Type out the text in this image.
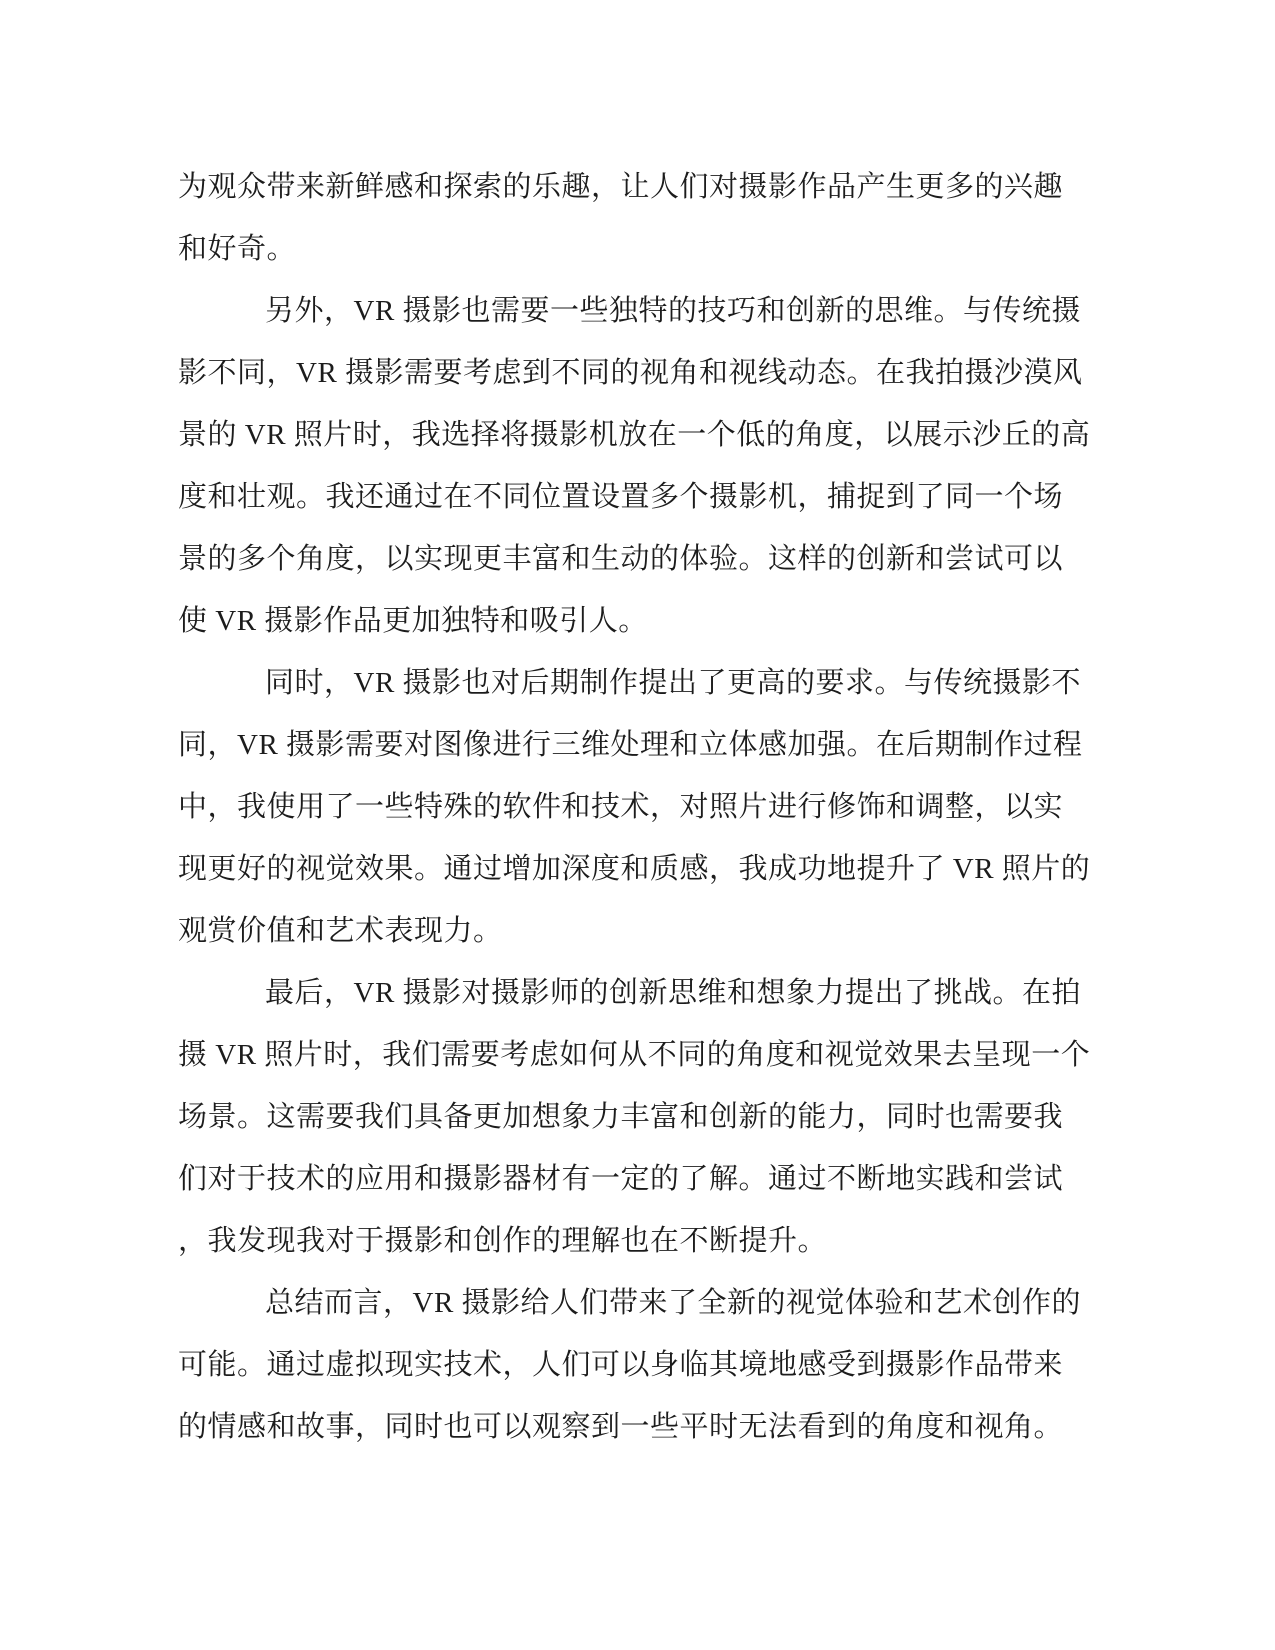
为观众带来新鲜感和探索的乐趣，让人们对摄影作品产生更多的兴趣
和好奇。
另外，VR 摄影也需要一些独特的技巧和创新的思维。与传统摄
影不同，VR 摄影需要考虑到不同的视角和视线动态。在我拍摄沙漠风
景的 VR 照片时，我选择将摄影机放在一个低的角度，以展示沙丘的高
度和壮观。我还通过在不同位置设置多个摄影机，捕捉到了同一个场
景的多个角度，以实现更丰富和生动的体验。这样的创新和尝试可以
使 VR 摄影作品更加独特和吸引人。
同时，VR 摄影也对后期制作提出了更高的要求。与传统摄影不
同，VR 摄影需要对图像进行三维处理和立体感加强。在后期制作过程
中，我使用了一些特殊的软件和技术，对照片进行修饰和调整，以实
现更好的视觉效果。通过增加深度和质感，我成功地提升了 VR 照片的
观赏价值和艺术表现力。
最后，VR 摄影对摄影师的创新思维和想象力提出了挑战。在拍
摄 VR 照片时，我们需要考虑如何从不同的角度和视觉效果去呈现一个
场景。这需要我们具备更加想象力丰富和创新的能力，同时也需要我
们对于技术的应用和摄影器材有一定的了解。通过不断地实践和尝试
，我发现我对于摄影和创作的理解也在不断提升。
总结而言，VR 摄影给人们带来了全新的视觉体验和艺术创作的
可能。通过虚拟现实技术，人们可以身临其境地感受到摄影作品带来
的情感和故事，同时也可以观察到一些平时无法看到的角度和视角。
